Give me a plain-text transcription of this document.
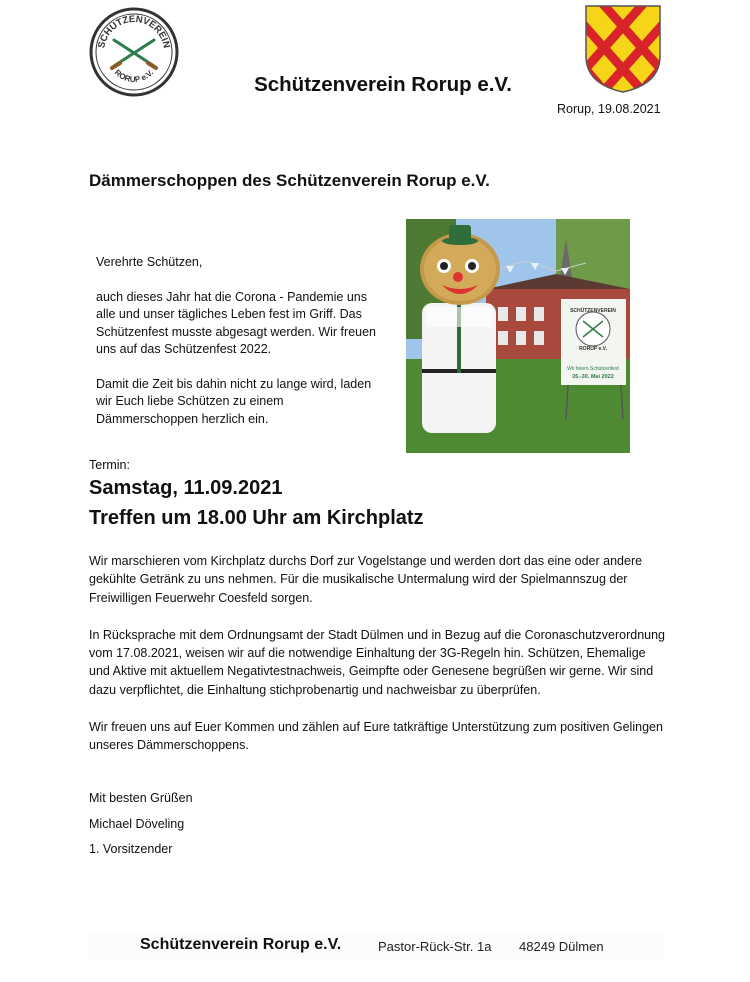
SCHÜTZENVEREIN
RORUP e.V.
Schützenverein Rorup e.V.
Rorup, 19.08.2021
Dämmerschoppen des Schützenverein Rorup e.V.

Verehrte Schützen,

auch dieses Jahr hat die Corona - Pandemie uns alle und unser tägliches Leben fest im Griff. Das Schützenfest musste abgesagt werden. Wir freuen uns auf das Schützenfest 2022.

Damit die Zeit bis dahin nicht zu lange wird, laden wir Euch liebe Schützen zu einem Dämmerschoppen herzlich ein.

SCHÜTZENVEREIN
RORUP e.V.
Wir feiern Schützenfest
26.-30. Mai 2022
Termin:
Samstag, 11.09.2021
Treffen um 18.00 Uhr am Kirchplatz

Wir marschieren vom Kirchplatz durchs Dorf zur Vogelstange und werden dort das eine oder andere gekühlte Getränk zu uns nehmen. Für die musikalische Untermalung wird der Spielmannszug der Freiwilligen Feuerwehr Coesfeld sorgen.

In Rücksprache mit dem Ordnungsamt der Stadt Dülmen und in Bezug auf die Coronaschutzverordnung vom 17.08.2021, weisen wir auf die notwendige Einhaltung der 3G-Regeln hin. Schützen, Ehemalige und Aktive mit aktuellem Negativtestnachweis, Geimpfte oder Genesene begrüßen wir gerne. Wir sind dazu verpflichtet, die Einhaltung stichprobenartig und nachweisbar zu überprüfen.

Wir freuen uns auf Euer Kommen und zählen auf Eure tatkräftige Unterstützung zum positiven Gelingen unseres Dämmerschoppens.

Mit besten Grüßen
Michael Döveling
1. Vorsitzender
Schützenverein Rorup e.V.	Pastor-Rück-Str. 1a 48249 Dülmen
